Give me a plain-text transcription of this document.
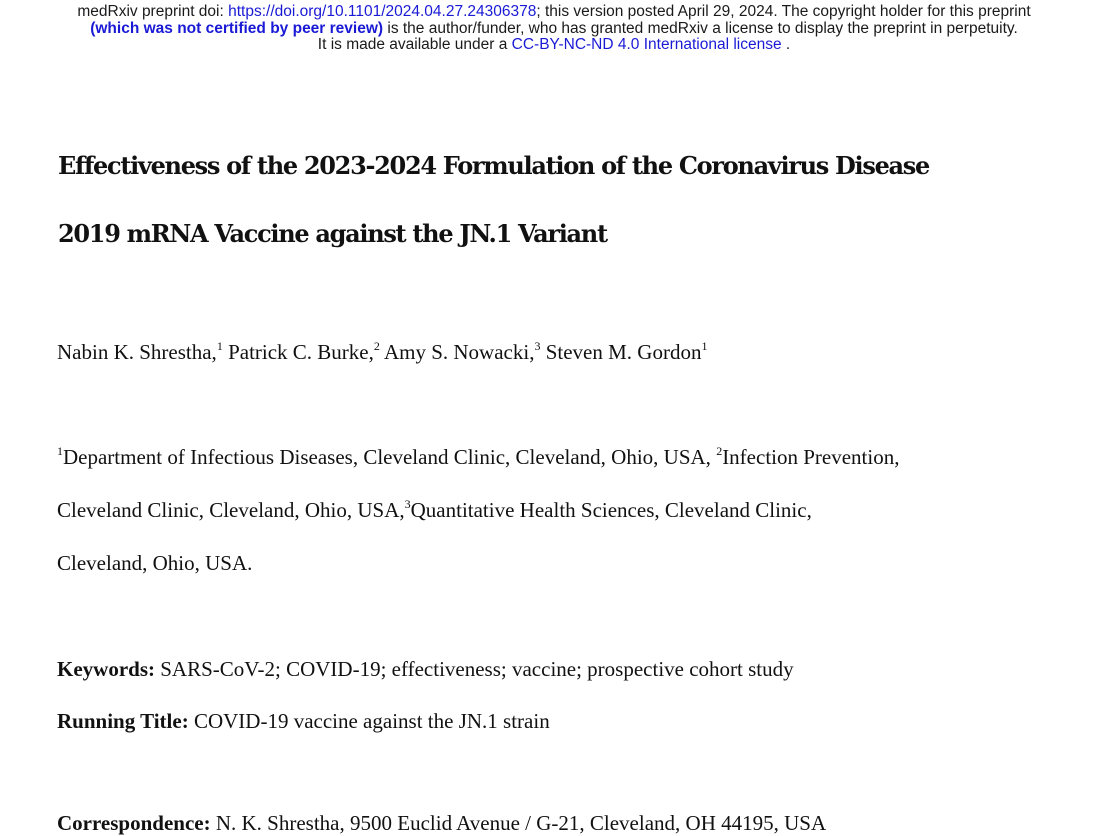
medRxiv preprint doi: https://doi.org/10.1101/2024.04.27.24306378; this version posted April 29, 2024. The copyright holder for this preprint
(which was not certified by peer review) is the author/funder, who has granted medRxiv a license to display the preprint in perpetuity.
It is made available under a CC-BY-NC-ND 4.0 International license .
Effectiveness of the 2023-2024 Formulation of the Coronavirus Disease
2019 mRNA Vaccine against the JN.1 Variant
Nabin K. Shrestha,$^1$ Patrick C. Burke,$^2$ Amy S. Nowacki,$^3$ Steven M. Gordon$^1$
$^1$Department of Infectious Diseases, Cleveland Clinic, Cleveland, Ohio, USA, $^2$Infection Prevention,
Cleveland Clinic, Cleveland, Ohio, USA,$^3$Quantitative Health Sciences, Cleveland Clinic,
Cleveland, Ohio, USA.
Keywords: SARS-CoV-2; COVID-19; effectiveness; vaccine; prospective cohort study
Running Title: COVID-19 vaccine against the JN.1 strain
Correspondence: N. K. Shrestha, 9500 Euclid Avenue / G-21, Cleveland, OH 44195, USA
